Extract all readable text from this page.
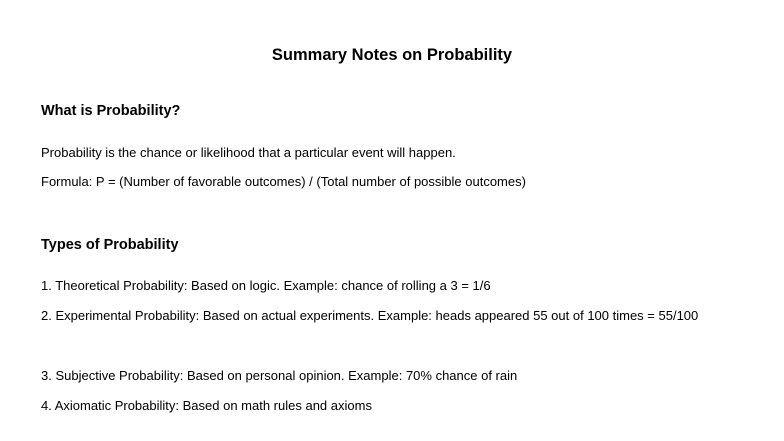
Summary Notes on Probability
What is Probability?
Probability is the chance or likelihood that a particular event will happen.
Formula: P = (Number of favorable outcomes) / (Total number of possible outcomes)
Types of Probability
1. Theoretical Probability: Based on logic. Example: chance of rolling a 3 = 1/6
2. Experimental Probability: Based on actual experiments. Example: heads appeared 55 out of 100 times = 55/100
3. Subjective Probability: Based on personal opinion. Example: 70% chance of rain
4. Axiomatic Probability: Based on math rules and axioms
